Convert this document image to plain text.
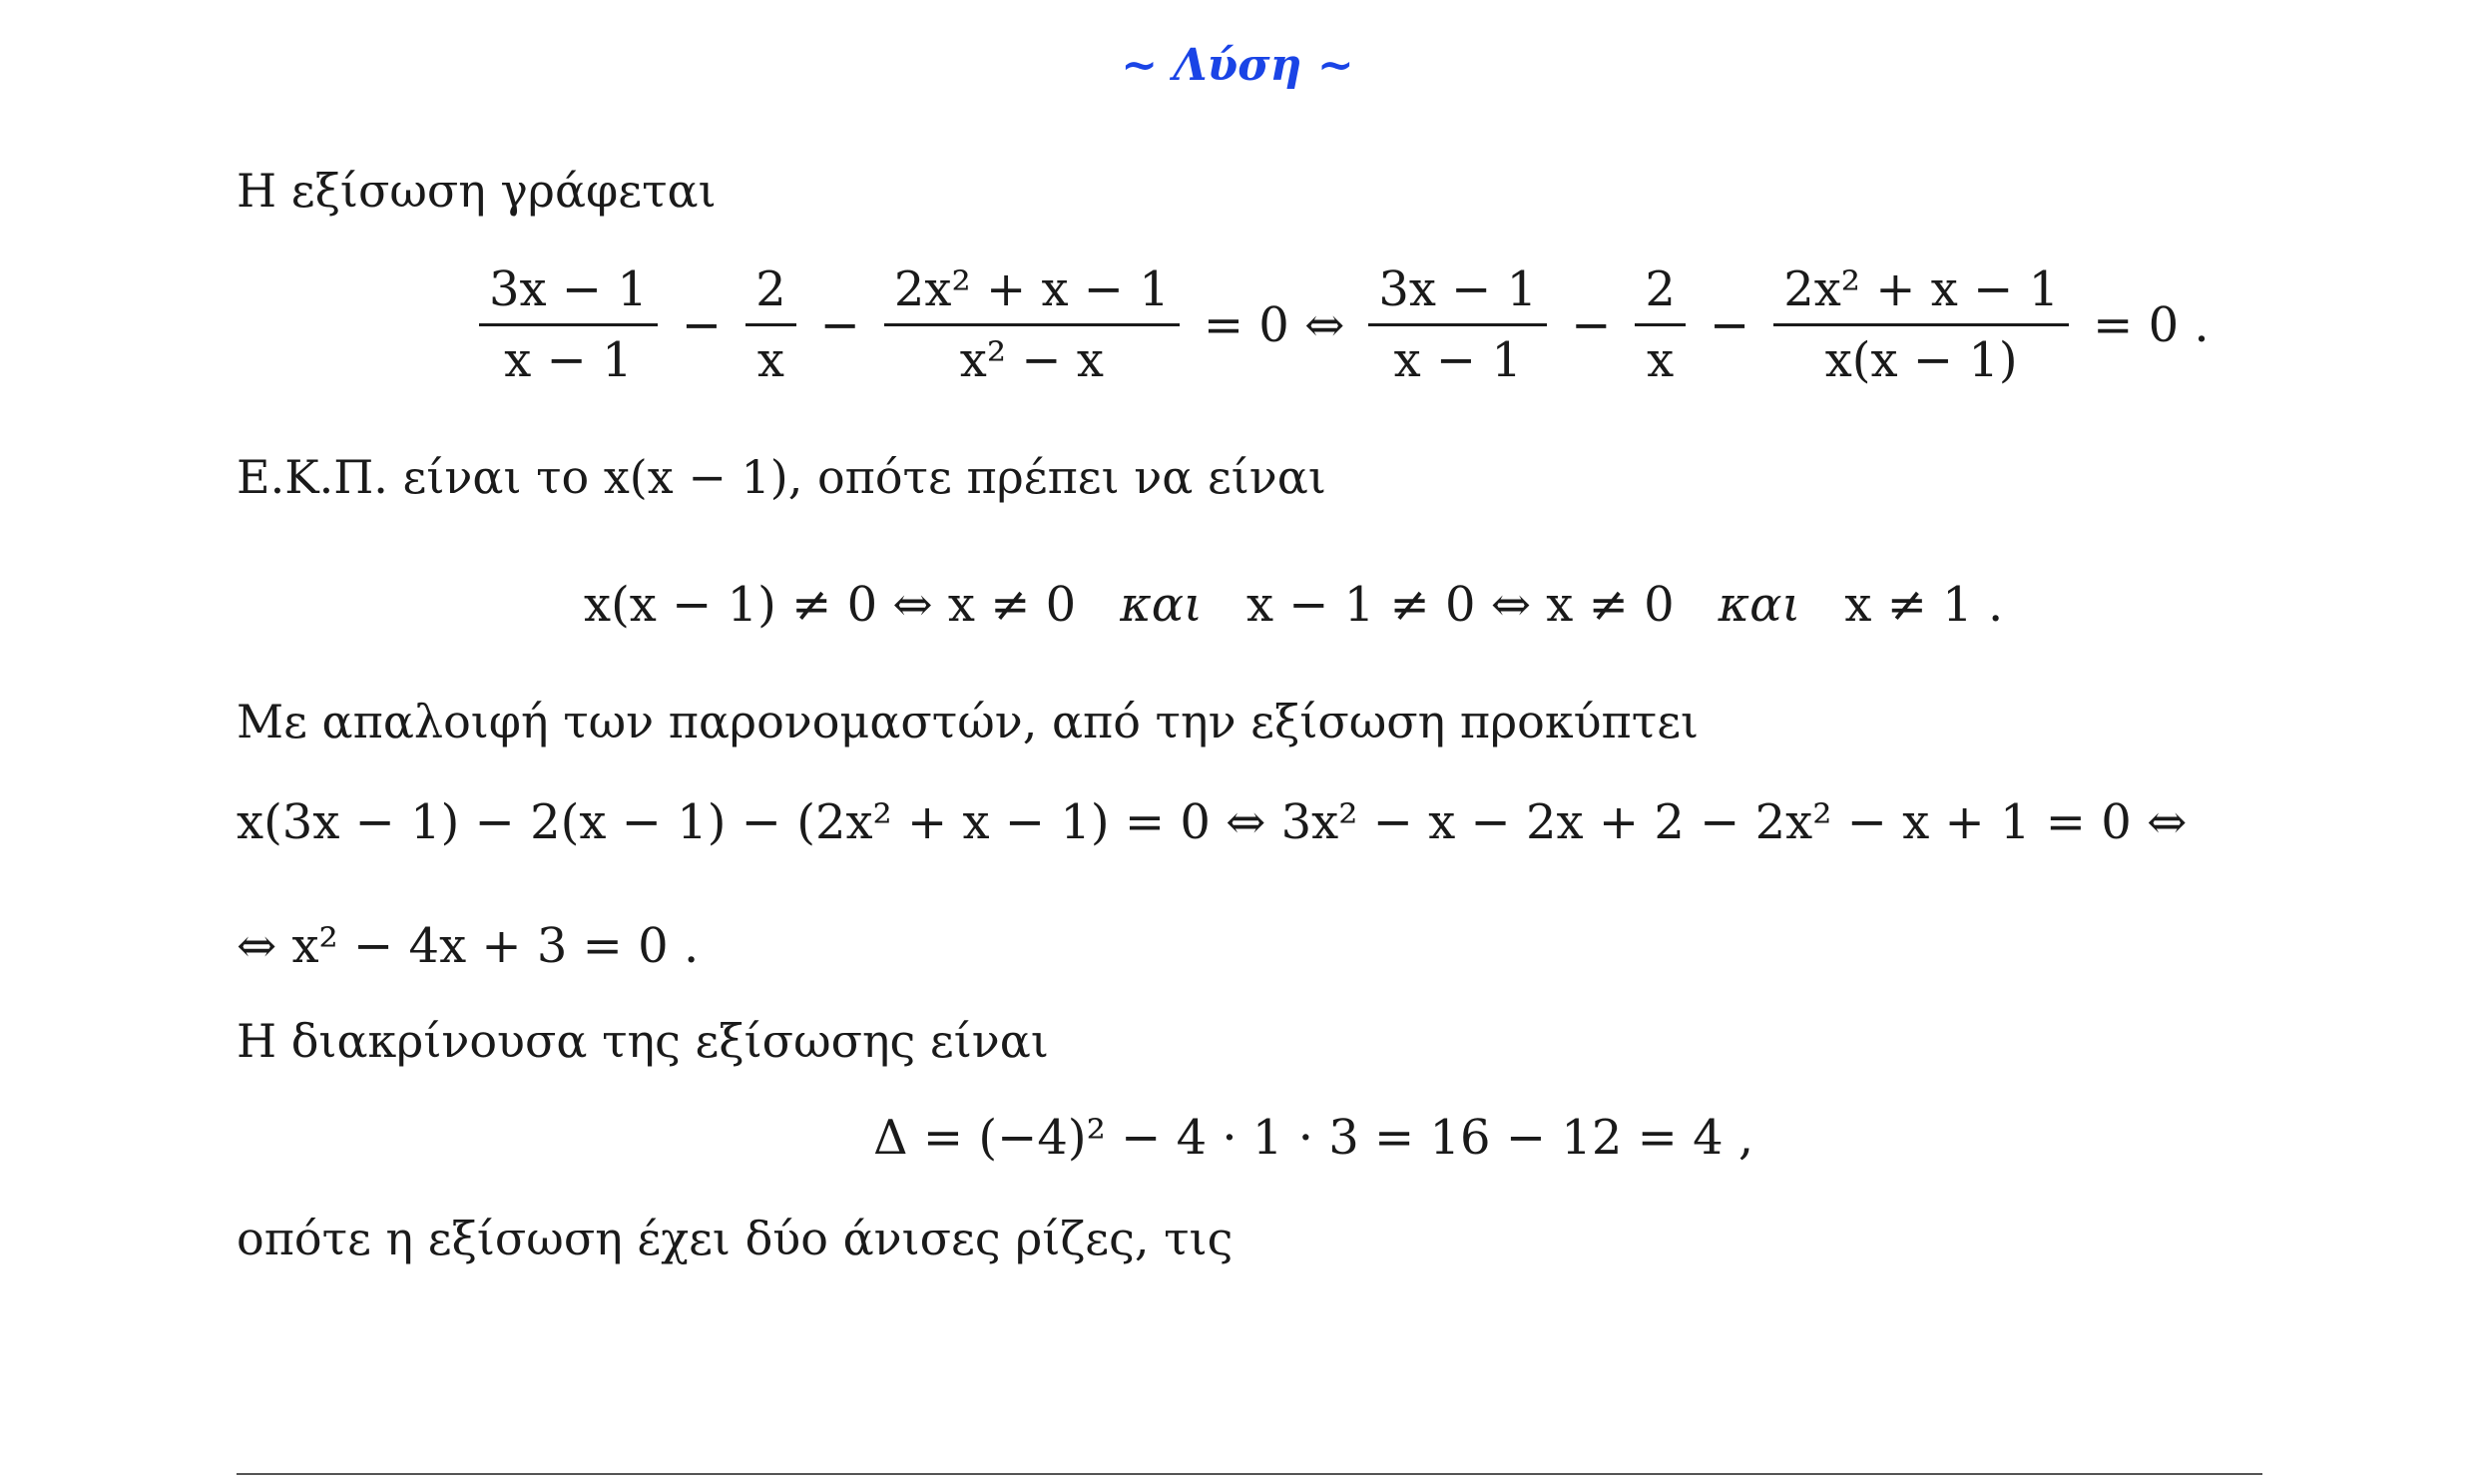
~ Λύση ~
Η εξίσωση γράφεται
$\frac{3x - 1}{x - 1} - \frac{2}{x} - \frac{\text{2x² + x − 1}}{\text{x² − x}} = 0$ ⇔ $\frac{3x - 1}{x - 1} - \frac{2}{x} - \frac{\text{2x² + x − 1}}{x(x - 1)} = 0$ .
Ε.Κ.Π. είναι το x(x − 1), οπότε πρέπει να είναι
x(x − 1) ≠ 0 ⇔ x ≠ 0 και x − 1 ≠ 0 ⇔ x ≠ 0 και x ≠ 1 .
Με απαλοιφή των παρονομαστών, από την εξίσωση προκύπτει
x(3x − 1) − 2(x − 1) − (2x² + x − 1) = 0 ⇔ 3x² − x − 2x + 2 − 2x² − x + 1 = 0 ⇔
⇔ x² − 4x + 3 = 0 .
Η διακρίνουσα της εξίσωσης είναι
Δ = (−4)² − 4 · 1 · 3 = 16 − 12 = 4 ,
οπότε η εξίσωση έχει δύο άνισες ρίζες, τις
